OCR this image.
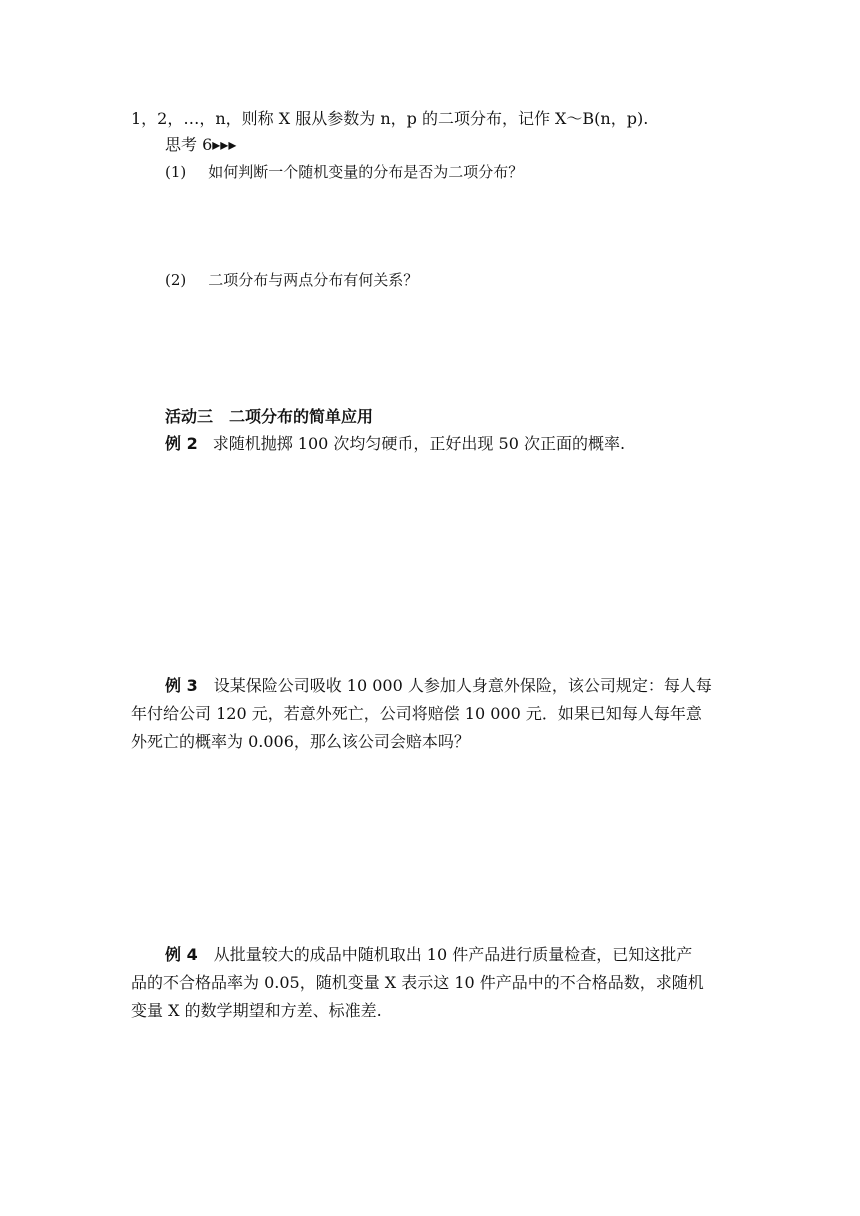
1，2，…，n，则称 X 服从参数为 n，p 的二项分布，记作 X～B(n，p).
思考 6▸▸▸
(1) 如何判断一个随机变量的分布是否为二项分布？
(2) 二项分布与两点分布有何关系？
活动三　二项分布的简单应用
例 2 求随机抛掷 100 次均匀硬币，正好出现 50 次正面的概率.
例 3 设某保险公司吸收 10 000 人参加人身意外保险，该公司规定：每人每
年付给公司 120 元，若意外死亡，公司将赔偿 10 000 元．如果已知每人每年意
外死亡的概率为 0.006，那么该公司会赔本吗？
例 4 从批量较大的成品中随机取出 10 件产品进行质量检查，已知这批产
品的不合格品率为 0.05，随机变量 X 表示这 10 件产品中的不合格品数，求随机
变量 X 的数学期望和方差、标准差.
